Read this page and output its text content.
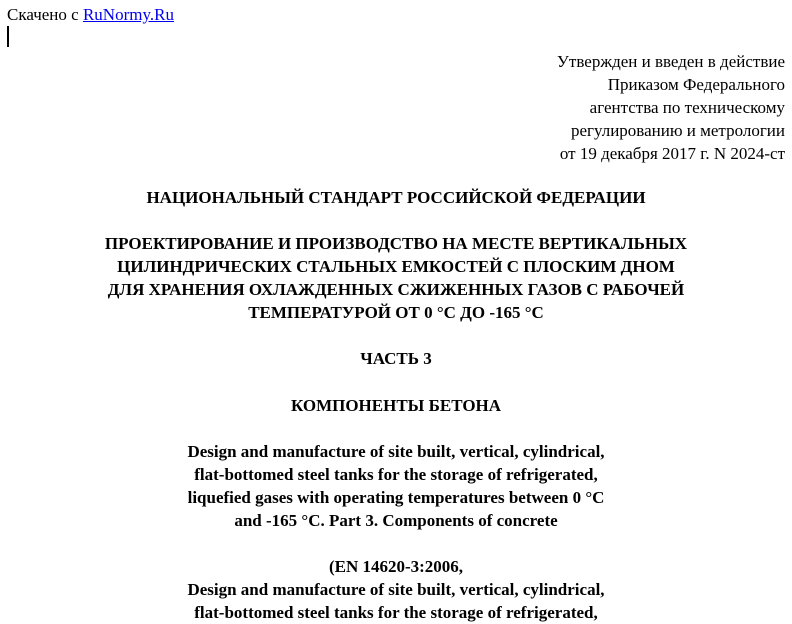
Скачено с RuNormy.Ru
Утвержден и введен в действие
Приказом Федерального
агентства по техническому
регулированию и метрологии
от 19 декабря 2017 г. N 2024-ст
НАЦИОНАЛЬНЫЙ СТАНДАРТ РОССИЙСКОЙ ФЕДЕРАЦИИ
ПРОЕКТИРОВАНИЕ И ПРОИЗВОДСТВО НА МЕСТЕ ВЕРТИКАЛЬНЫХ
ЦИЛИНДРИЧЕСКИХ СТАЛЬНЫХ ЕМКОСТЕЙ С ПЛОСКИМ ДНОМ
ДЛЯ ХРАНЕНИЯ ОХЛАЖДЕННЫХ СЖИЖЕННЫХ ГАЗОВ С РАБОЧЕЙ
ТЕМПЕРАТУРОЙ ОТ 0 °С ДО -165 °С
ЧАСТЬ 3
КОМПОНЕНТЫ БЕТОНА
Design and manufacture of site built, vertical, cylindrical,
flat-bottomed steel tanks for the storage of refrigerated,
liquefied gases with operating temperatures between 0 °C
and -165 °C. Part 3. Components of concrete
(EN 14620-3:2006,
Design and manufacture of site built, vertical, cylindrical,
flat-bottomed steel tanks for the storage of refrigerated,
